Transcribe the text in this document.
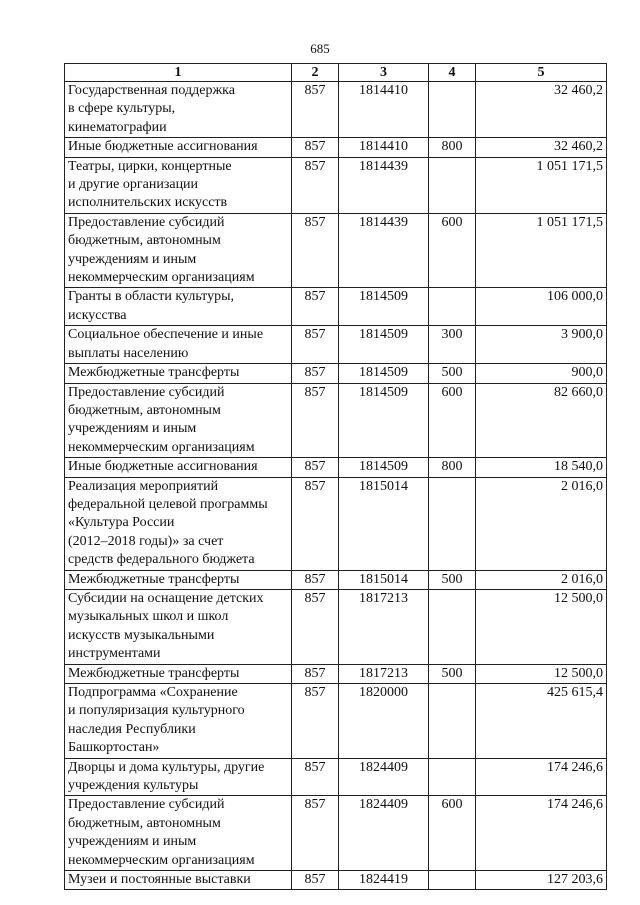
685
1	2	3	4	5

Государственная поддержка
в сфере культуры,
кинематографии	857	1814410		32 460,2

Иные бюджетные ассигнования	857	1814410	800	32 460,2

Театры, цирки, концертные
и другие организации
исполнительских искусств	857	1814439		1 051 171,5

Предоставление субсидий
бюджетным, автономным
учреждениям и иным
некоммерческим организациям	857	1814439	600	1 051 171,5

Гранты в области культуры,
искусства	857	1814509		106 000,0

Социальное обеспечение и иные
выплаты населению	857	1814509	300	3 900,0

Межбюджетные трансферты	857	1814509	500	900,0

Предоставление субсидий
бюджетным, автономным
учреждениям и иным
некоммерческим организациям	857	1814509	600	82 660,0

Иные бюджетные ассигнования	857	1814509	800	18 540,0

Реализация мероприятий
федеральной целевой программы
«Культура России
(2012–2018 годы)» за счет
средств федерального бюджета	857	1815014		2 016,0

Межбюджетные трансферты	857	1815014	500	2 016,0

Субсидии на оснащение детских
музыкальных школ и школ
искусств музыкальными
инструментами	857	1817213		12 500,0

Межбюджетные трансферты	857	1817213	500	12 500,0

Подпрограмма «Сохранение
и популяризация культурного
наследия Республики
Башкортостан»	857	1820000		425 615,4

Дворцы и дома культуры, другие
учреждения культуры	857	1824409		174 246,6

Предоставление субсидий
бюджетным, автономным
учреждениям и иным
некоммерческим организациям	857	1824409	600	174 246,6

Музеи и постоянные выставки	857	1824419		127 203,6
